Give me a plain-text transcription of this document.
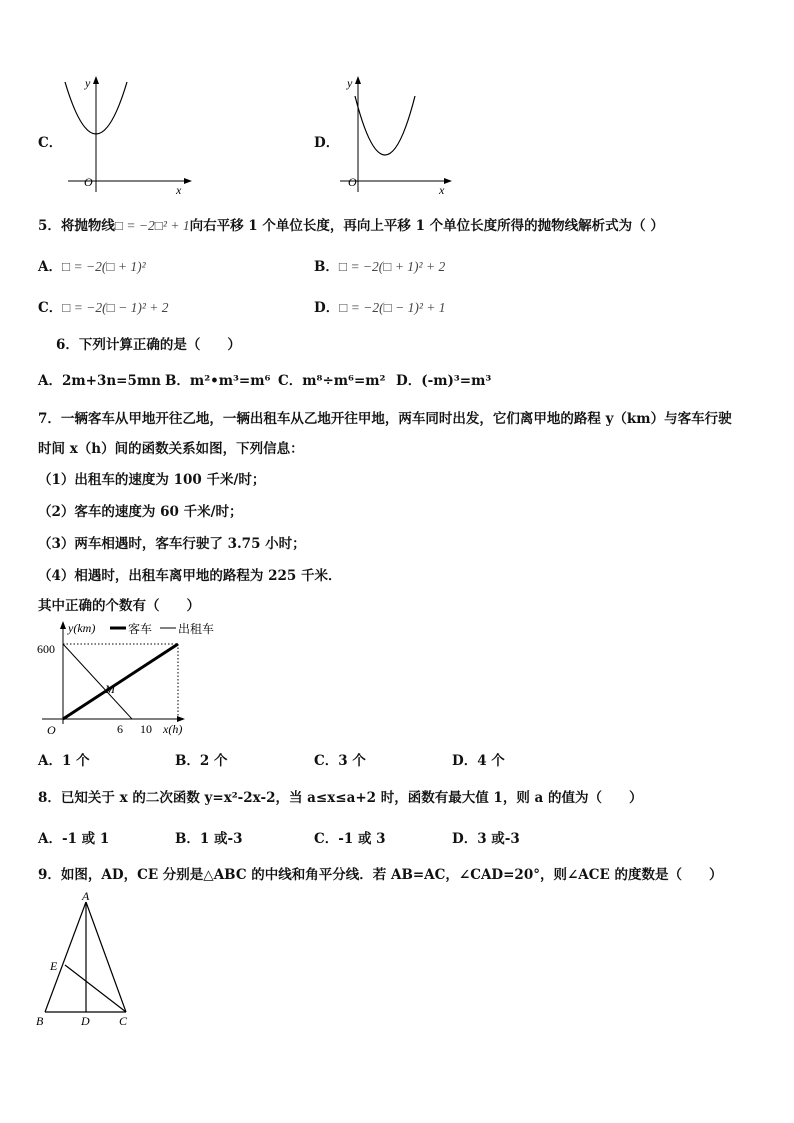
C．
y
x
O
D．
y
x
O
5．将抛物线□ = −2□² + 1向右平移 1 个单位长度，再向上平移 1 个单位长度所得的抛物线解析式为（ ）
A．□ = −2(□ + 1)²	B．□ = −2(□ + 1)² + 2
C．□ = −2(□ − 1)² + 2	D．□ = −2(□ − 1)² + 1
6．下列计算正确的是（　　）
A．2m+3n=5mn B．m²•m³=m⁶ C．m⁸÷m⁶=m² D．(-m)³=m³
7．一辆客车从甲地开往乙地，一辆出租车从乙地开往甲地，两车同时出发，它们离甲地的路程 y（km）与客车行驶
时间 x（h）间的函数关系如图，下列信息：
（1）出租车的速度为 100 千米/时；
（2）客车的速度为 60 千米/时；
（3）两车相遇时，客车行驶了 3.75 小时；
（4）相遇时，出租车离甲地的路程为 225 千米．
其中正确的个数有（　　）
y(km)	客车 出租车
600
6 10 x(h)
O
M
A．1 个	B．2 个	C．3 个	D．4 个
8．已知关于 x 的二次函数 y=x²-2x-2，当 a≤x≤a+2 时，函数有最大值 1，则 a 的值为（　　）
A．-1 或 1	B．1 或-3	C．-1 或 3	D．3 或-3
9．如图，AD，CE 分别是△ABC 的中线和角平分线．若 AB=AC，∠CAD=20°，则∠ACE 的度数是（　　）
A
E
B	D C
